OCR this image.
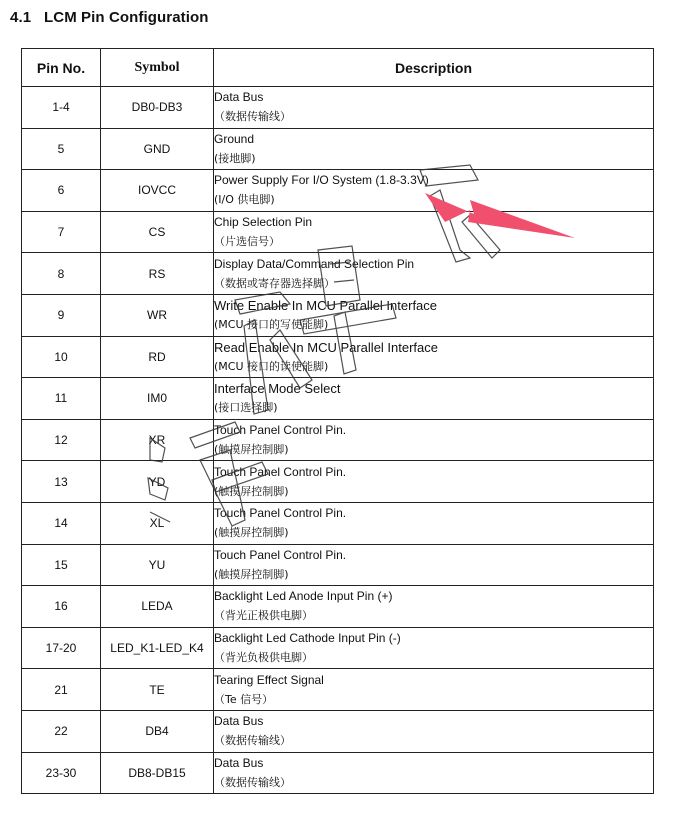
4.1 LCM Pin Configuration
Pin No.	Symbol	Description
1-4	DB0-DB3	Data Bus
（数据传输线）

5	GND	Ground
(接地脚)

6	IOVCC	Power Supply For I/O System (1.8-3.3V)
(I/O 供电脚)

7	CS	Chip Selection Pin
（片选信号）

8	RS	Display Data/Command Selection Pin
（数据或寄存器选择脚）

9	WR	Write Enable In MCU Parallel Interface
(MCU 接口的写使能脚)

10	RD	Read Enable In MCU Parallel Interface
(MCU 接口的读使能脚)

11	IM0	Interface Mode Select
(接口选择脚)

12	XR	Touch Panel Control Pin.
(触摸屏控制脚)

13	YD	Touch Panel Control Pin.
(触摸屏控制脚)

14	XL	Touch Panel Control Pin.
(触摸屏控制脚)

15	YU	Touch Panel Control Pin.
(触摸屏控制脚)

16	LEDA	Backlight Led Anode Input Pin (+)
（背光正极供电脚）

17-20	LED_K1-LED_K4	Backlight Led Cathode Input Pin (-)
（背光负极供电脚）

21	TE	Tearing Effect Signal
（Te 信号）

22	DB4	Data Bus
（数据传输线）

23-30	DB8-DB15	Data Bus
（数据传输线）
